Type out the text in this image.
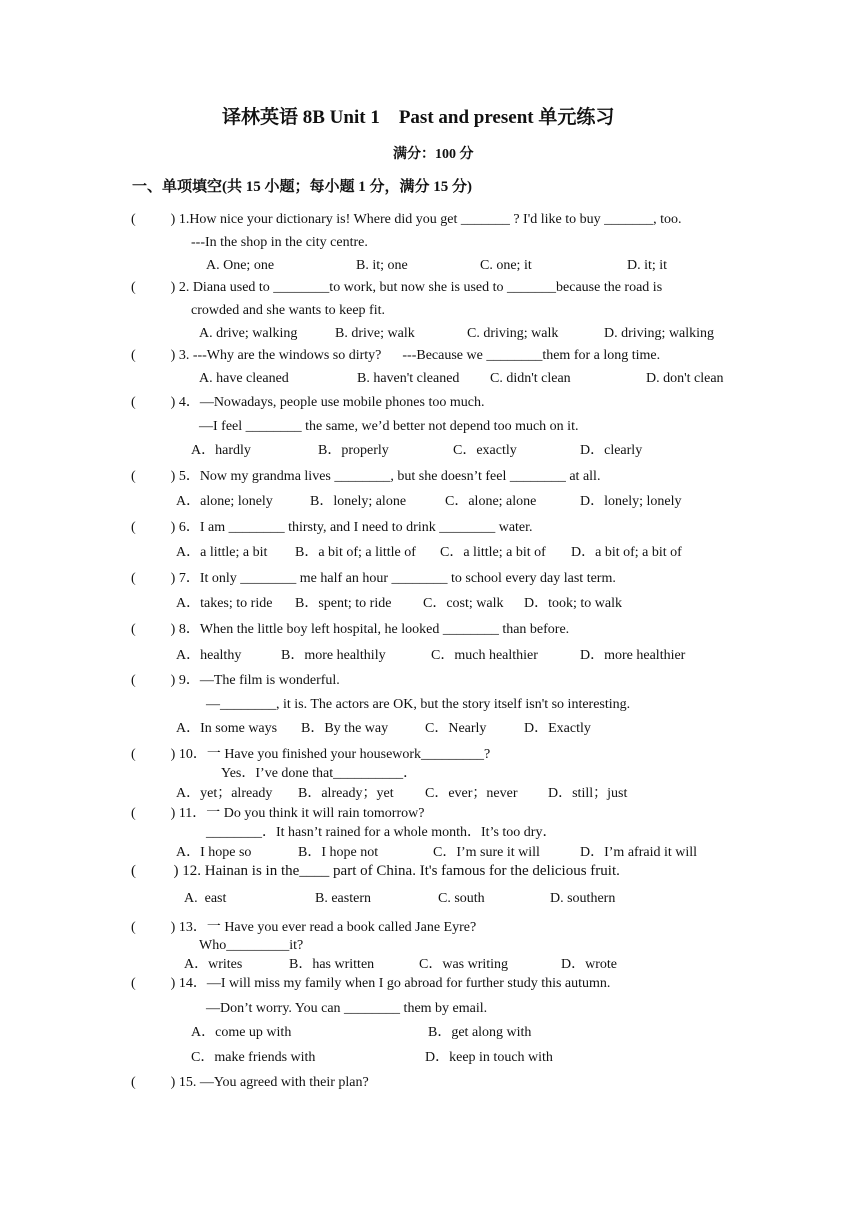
译林英语 8B Unit 1    Past and present 单元练习
满分：100 分
一、单项填空(共 15 小题；每小题 1 分，满分 15 分)
(          ) 1.How nice your dictionary is! Where did you get _______ ? I'd like to buy _______, too.
---In the shop in the city centre.
A. One; one	B. it; one	C. one; it	D. it; it
(          ) 2. Diana used to ________to work, but now she is used to _______because the road is
crowded and she wants to keep fit.
A. drive; walking	B. drive; walk	C. driving; walk	D. driving; walking
(          ) 3. ---Why are the windows so dirty?      ---Because we ________them for a long time.
A. have cleaned	B. haven't cleaned C. didn't clean	D. don't clean
(          ) 4．—Nowadays, people use mobile phones too much.
—I feel ________ the same, we’d better not depend too much on it.
A．hardly	B．properly	C．exactly	D．clearly
(          ) 5．Now my grandma lives ________, but she doesn’t feel ________ at all.
A．alone; lonely	B．lonely; alone	C．alone; alone	D．lonely; lonely
(          ) 6．I am ________ thirsty, and I need to drink ________ water.
A．a little; a bit B．a bit of; a little of C．a little; a bit of D．a bit of; a bit of
(          ) 7．It only ________ me half an hour ________ to school every day last term.
A．takes; to ride B．spent; to ride C．cost; walk D．took; to walk
(          ) 8．When the little boy left hospital, he looked ________ than before.
A．healthy	B．more healthily	C．much healthier	D．more healthier
(          ) 9．—The film is wonderful.
—________, it is. The actors are OK, but the story itself isn't so interesting.
A．In some ways B．By the way	C．Nearly	D．Exactly
(          ) 10．一 Have you finished your housework_________?
Yes．I’ve done that__________．
A．yet；already B．already；yet C．ever；never D．still；just
(          ) 11．一 Do you think it will rain tomorrow?
________．It hasn’t rained for a whole month．It’s too dry．
A．I hope so	B．I hope not	C．I’m sure it will	D．I’m afraid it will
(          ) 12. Hainan is in the____ part of China. It's famous for the delicious fruit.
A.  east	B. eastern	C. south	D. southern
(          ) 13．一 Have you ever read a book called Jane Eyre?
Who_________it?
A．writes	B．has written	C．was writing	D．wrote
(          ) 14．—I will miss my family when I go abroad for further study this autumn.
—Don’t worry. You can ________ them by email.
A．come up with	B．get along with
C．make friends with	D．keep in touch with
(          ) 15. —You agreed with their plan?
